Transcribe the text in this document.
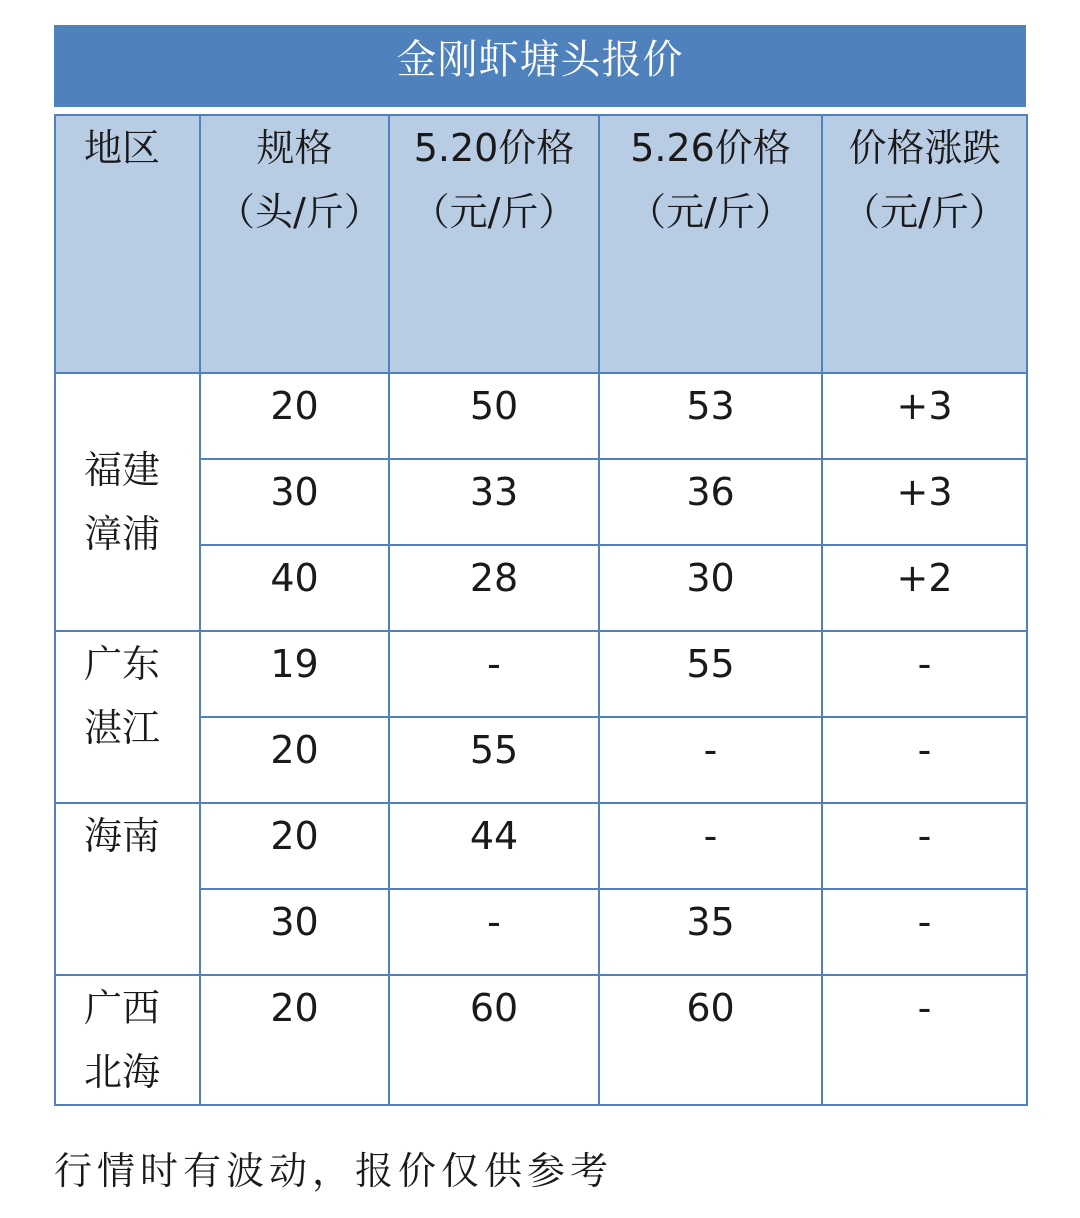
金刚虾塘头报价
地区	规格（头/斤）	5.20价格（元/斤）	5.26价格（元/斤）	价格涨跌（元/斤）

福建漳浦	20	50	53	+3
	30	33	36	+3
	40	28	30	+2

广东湛江	19	-	55	-
	20	55	-	-

海南	20	44	-	-
	30	-	35	-

广西北海	20	60	60	-
行情时有波动，报价仅供参考
